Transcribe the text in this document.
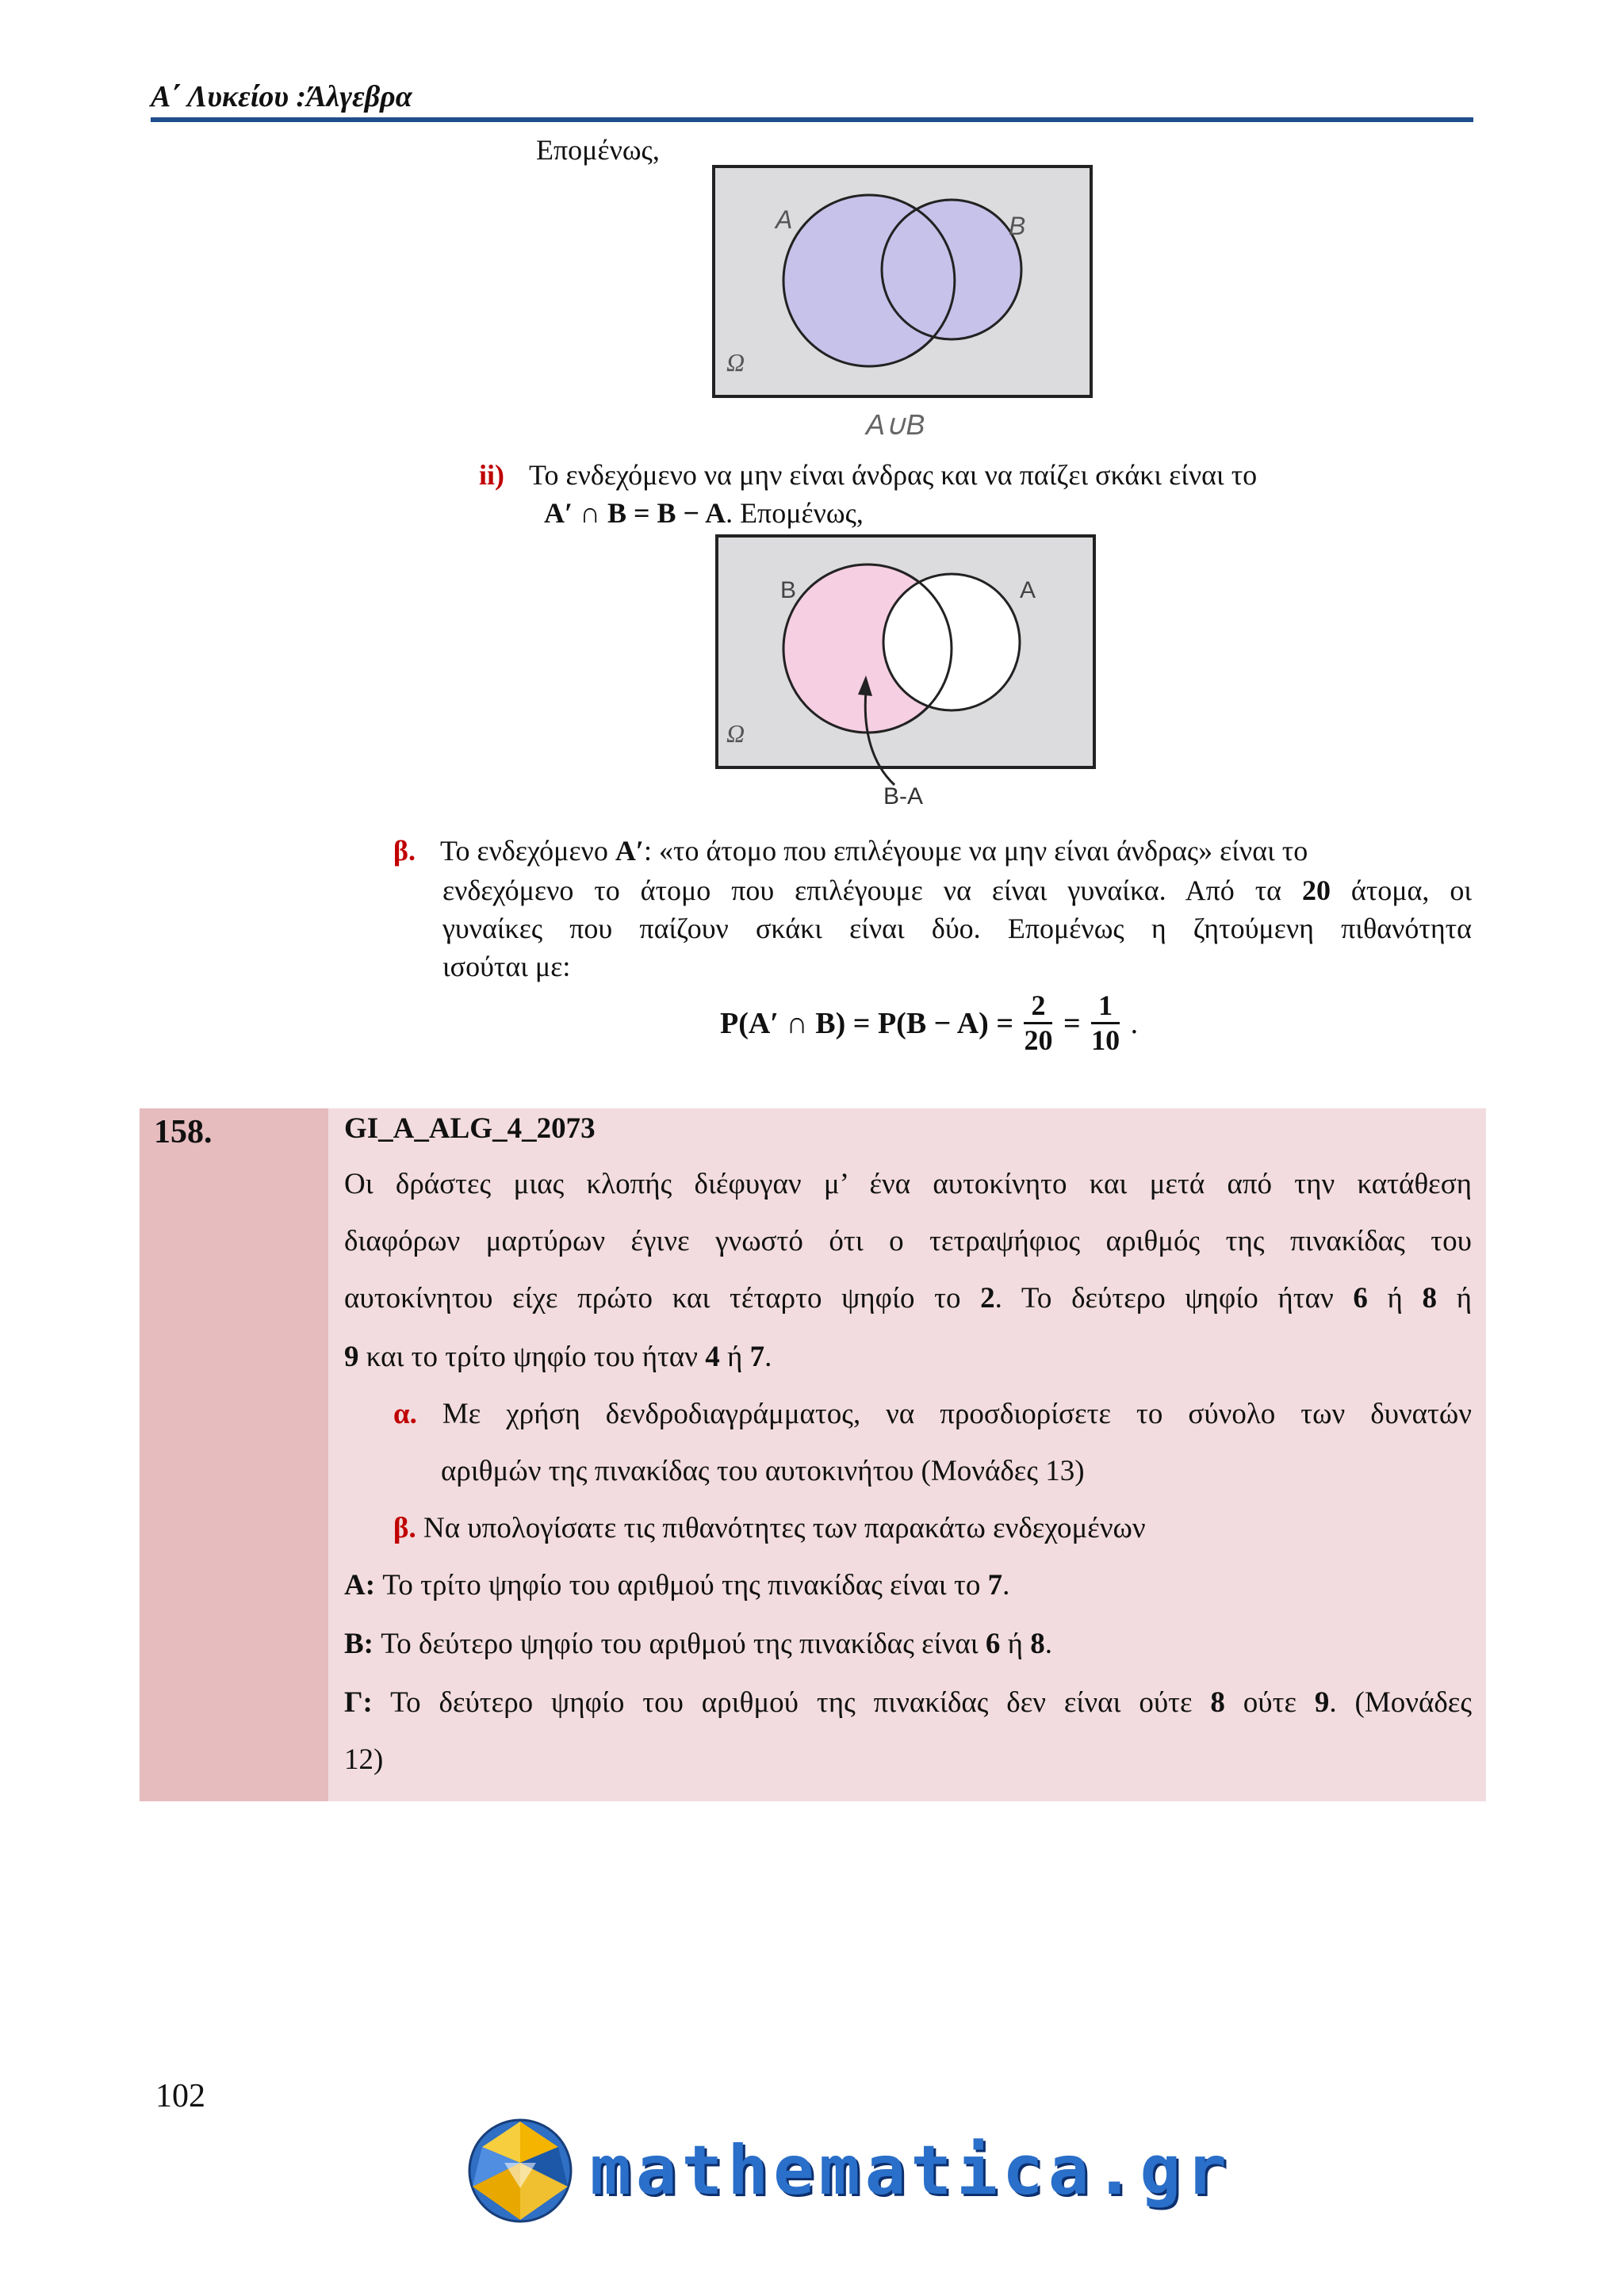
Α΄ Λυκείου :Άλγεβρα
Επομένως,
A	B
Ω
A∪B
ii) Το ενδεχόμενο να μην είναι άνδρας και να παίζει σκάκι είναι το
A′ ∩ B = B − A. Επομένως,
B	A
Ω
B-A
β. Το ενδεχόμενο A′: «το άτομο που επιλέγουμε να μην είναι άνδρας» είναι το
ενδεχόμενο το άτομο που επιλέγουμε να είναι γυναίκα. Από τα 20 άτομα, οι
γυναίκες που παίζουν σκάκι είναι δύο. Επομένως η ζητούμενη πιθανότητα
ισούται με:
P(A′ ∩ $B) = P(B - A) = \frac{2}{20} = \frac{1}{10}$ .
158.	GI_A_ALG_4_2073
Οι δράστες μιας κλοπής διέφυγαν μ’ ένα αυτοκίνητο και μετά από την κατάθεση
διαφόρων μαρτύρων έγινε γνωστό ότι ο τετραψήφιος αριθμός της πινακίδας του
αυτοκίνητου είχε πρώτο και τέταρτο ψηφίο το 2. Το δεύτερο ψηφίο ήταν 6 ή 8 ή
9 και το τρίτο ψηφίο του ήταν 4 ή 7.
α. Με χρήση δενδροδιαγράμματος, να προσδιορίσετε το σύνολο των δυνατών
αριθμών της πινακίδας του αυτοκινήτου (Μονάδες 13)
β. Να υπολογίσατε τις πιθανότητες των παρακάτω ενδεχομένων
A: Το τρίτο ψηφίο του αριθμού της πινακίδας είναι το 7.
B: Το δεύτερο ψηφίο του αριθμού της πινακίδας είναι 6 ή 8.
Γ: Το δεύτερο ψηφίο του αριθμού της πινακίδας δεν είναι ούτε 8 ούτε 9. (Μονάδες
12)
102
mathematica.gr
